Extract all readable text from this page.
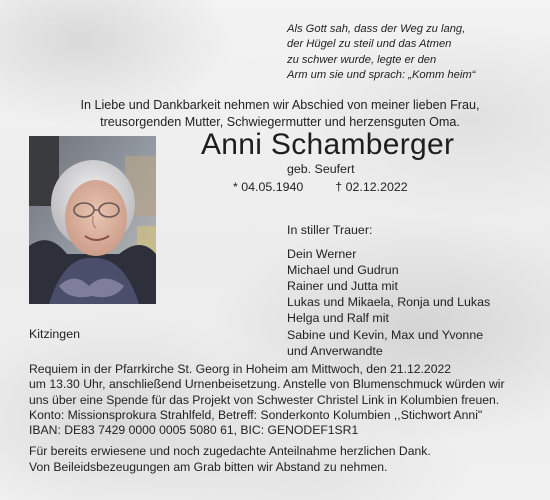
Als Gott sah, dass der Weg zu lang,
der Hügel zu steil und das Atmen
zu schwer wurde, legte er den
Arm um sie und sprach: „Komm heim“
In Liebe und Dankbarkeit nehmen wir Abschied von meiner lieben Frau,
treusorgenden Mutter, Schwiegermutter und herzensguten Oma.
Anni Schamberger
geb. Seufert
* 04.05.1940	† 02.12.2022
In stiller Trauer:
Dein Werner
Michael und Gudrun
Rainer und Jutta mit
Lukas und Mikaela, Ronja und Lukas
Helga und Ralf mit
Sabine und Kevin, Max und Yvonne
und Anverwandte
Kitzingen
Requiem in der Pfarrkirche St. Georg in Hoheim am Mittwoch, den 21.12.2022
um 13.30 Uhr, anschließend Urnenbeisetzung. Anstelle von Blumenschmuck würden wir
uns über eine Spende für das Projekt von Schwester Christel Link in Kolumbien freuen.
Konto: Missionsprokura Strahlfeld, Betreff: Sonderkonto Kolumbien ,,Stichwort Anni"
IBAN: DE83 7429 0000 0005 5080 61, BIC: GENODEF1SR1
Für bereits erwiesene und noch zugedachte Anteilnahme herzlichen Dank.
Von Beileidsbezeugungen am Grab bitten wir Abstand zu nehmen.
